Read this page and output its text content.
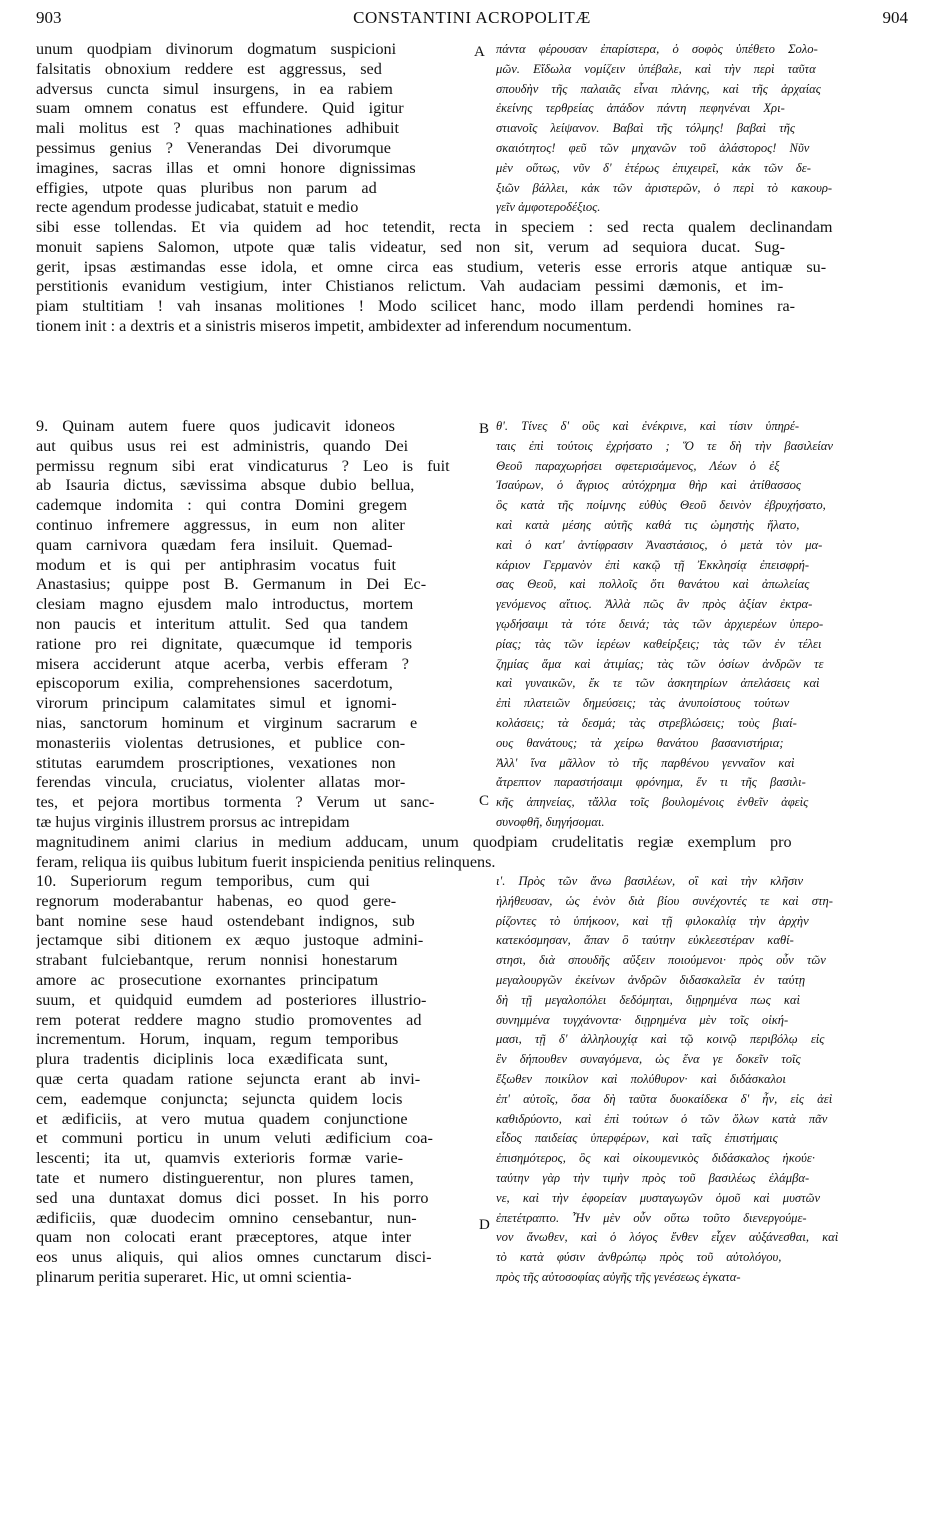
903	CONSTANTINI ACROPOLITÆ	904
A
B
C
D
unum quodpiam divinorum dogmatum suspicioni
falsitatis obnoxium reddere est aggressus, sed
adversus cuncta simul insurgens, in ea rabiem
suam omnem conatus est effundere. Quid igitur
mali molitus est ? quas machinationes adhibuit
pessimus genius ? Venerandas Dei divorumque
imagines, sacras illas et omni honore dignissimas
effigies, utpote quas pluribus non parum ad
recte agendum prodesse judicabat, statuit e medio
πάντα φέρουσαν ἐπαρίστερα, ὁ σοφὸς ὑπέθετο Σολο-
μῶν. Εἴδωλα νομίζειν ὑπέβαλε, καὶ τὴν περὶ ταῦτα
σπουδὴν τῆς παλαιᾶς εἶναι πλάνης, καὶ τῆς ἀρχαίας
ἐκείνης τερθρείας ἀπάδον πάντη πεφηνέναι Χρι-
στιανοῖς λείψανον. Βαβαὶ τῆς τόλμης! βαβαὶ τῆς
σκαιότητος! φεῦ τῶν μηχανῶν τοῦ ἀλάστορος! Νῦν
μὲν οὕτως, νῦν δ' ἑτέρως ἐπιχειρεῖ, κἀκ τῶν δε-
ξιῶν βάλλει, κἀκ τῶν ἀριστερῶν, ὁ περὶ τὸ κακουρ-
γεῖν ἀμφοτεροδέξιος.
sibi esse tollendas. Et via quidem ad hoc tetendit, recta in speciem : sed recta qualem declinandam
monuit sapiens Salomon, utpote quæ talis videatur, sed non sit, verum ad sequiora ducat. Sug-
gerit, ipsas æstimandas esse idola, et omne circa eas studium, veteris esse erroris atque antiquæ su-
perstitionis evanidum vestigium, inter Chistianos relictum. Vah audaciam pessimi dæmonis, et im-
piam stultitiam ! vah insanas molitiones ! Modo scilicet hanc, modo illam perdendi homines ra-
tionem init : a dextris et a sinistris miseros impetit, ambidexter ad inferendum nocumentum.
9. Quinam autem fuere quos judicavit idoneos
aut quibus usus rei est administris, quando Dei
permissu regnum sibi erat vindicaturus ? Leo is fuit
ab Isauria dictus, sævissima absque dubio bellua,
cademque indomita : qui contra Domini gregem
continuo infremere aggressus, in eum non aliter
quam carnivora quædam fera insiluit. Quemad-
modum et is qui per antiphrasim vocatus fuit
Anastasius; quippe post B. Germanum in Dei Ec-
clesiam magno ejusdem malo introductus, mortem
non paucis et interitum attulit. Sed qua tandem
ratione pro rei dignitate, quæcumque id temporis
misera acciderunt atque acerba, verbis efferam ?
episcoporum exilia, comprehensiones sacerdotum,
virorum principum calamitates simul et ignomi-
nias, sanctorum hominum et virginum sacrarum e
monasteriis violentas detrusiones, et publice con-
stitutas earumdem proscriptiones, vexationes non
ferendas vincula, cruciatus, violenter allatas mor-
tes, et pejora mortibus tormenta ? Verum ut sanc-
tæ hujus virginis illustrem prorsus ac intrepidam
θ'. Τίνες δ' οὓς καὶ ἐνέκρινε, καὶ τίσιν ὑπηρέ-
ταις ἐπὶ τούτοις ἐχρήσατο ; Ὅ τε δὴ τὴν βασιλείαν
Θεοῦ παραχωρήσει σφετερισάμενος, Λέων ὁ ἐξ
Ἰσαύρων, ὁ ἄγριος αὐτόχρημα θὴρ καὶ ἀτίθασσος
ὃς κατὰ τῆς ποίμνης εὐθὺς Θεοῦ δεινὸν ἐβρυχήσατο,
καὶ κατὰ μέσης αὐτῆς καθά τις ὠμηστὴς ἥλατο,
καὶ ὁ κατ' ἀντίφρασιν Ἀναστάσιος, ὁ μετὰ τὸν μα-
κάριον Γερμανὸν ἐπὶ κακῷ τῇ Ἐκκλησίᾳ ἐπεισφρή-
σας Θεοῦ, καὶ πολλοῖς ὅτι θανάτου καὶ ἀπωλείας
γενόμενος αἴτιος. Ἀλλὰ πῶς ἂν πρὸς ἀξίαν ἐκτρα-
γῳδήσαιμι τὰ τότε δεινά; τὰς τῶν ἀρχιερέων ὑπερο-
ρίας; τὰς τῶν ἱερέων καθείρξεις; τὰς τῶν ἐν τέλει
ζημίας ἅμα καὶ ἀτιμίας; τὰς τῶν ὁσίων ἀνδρῶν τε
καὶ γυναικῶν, ἔκ τε τῶν ἀσκητηρίων ἀπελάσεις καὶ
ἐπὶ πλατειῶν δημεύσεις; τὰς ἀνυποίστους τούτων
κολάσεις; τὰ δεσμά; τὰς στρεβλώσεις; τοὺς βιαί-
ους θανάτους; τὰ χείρω θανάτου βασανιστήρια;
Ἀλλ' ἵνα μᾶλλον τὸ τῆς παρθένου γενναῖον καὶ
ἄτρεπτον παραστήσαιμι φρόνημα, ἕν τι τῆς βασιλι-
κῆς ἀπηνείας, τἄλλα τοῖς βουλομένοις ἐνθεῖν ἀφεὶς
συνοφθῆ, διηγήσομαι.
magnitudinem animi clarius in medium adducam, unum quodpiam crudelitatis regiæ exemplum pro
feram, reliqua iis quibus lubitum fuerit inspicienda penitius relinquens.
10. Superiorum regum temporibus, cum qui
regnorum moderabantur habenas, eo quod gere-
bant nomine sese haud ostendebant indignos, sub
jectamque sibi ditionem ex æquo justoque admini-
strabant fulciebantque, rerum nonnisi honestarum
amore ac prosecutione exornantes principatum
suum, et quidquid eumdem ad posteriores illustrio-
rem poterat reddere magno studio promoventes ad
incrementum. Horum, inquam, regum temporibus
plura tradentis diciplinis loca exædificata sunt,
quæ certa quadam ratione sejuncta erant ab invi-
cem, eademque conjuncta; sejuncta quidem locis
et ædificiis, at vero mutua quadem conjunctione
et communi porticu in unum veluti ædificium coa-
lescenti; ita ut, quamvis exterioris formæ varie-
tate et numero distinguerentur, non plures tamen,
sed una duntaxat domus dici posset. In his porro
ædificiis, quæ duodecim omnino censebantur, nun-
quam non colocati erant præceptores, atque inter
eos unus aliquis, qui alios omnes cunctarum disci-
plinarum peritia superaret. Hic, ut omni scientia-
ι'. Πρὸς τῶν ἄνω βασιλέων, οἳ καὶ τὴν κλῆσιν
ἠλήθευσαν, ὡς ἐνὸν διὰ βίου συνέχοντές τε καὶ στη-
ρίζοντες τὸ ὑπήκοον, καὶ τῇ φιλοκαλίᾳ τὴν ἀρχὴν
κατεκόσμησαν, ἅπαν ὃ ταύτην εὐκλεεστέραν καθί-
στησι, διὰ σπουδῆς αὔξειν ποιούμενοι· πρὸς οὖν τῶν
μεγαλουργῶν ἐκείνων ἀνδρῶν διδασκαλεῖα ἐν ταύτῃ
δὴ τῇ μεγαλοπόλει δεδόμηται, διῃρημένα πως καὶ
συνημμένα τυγχάνοντα· διῃρημένα μὲν τοῖς οἰκή-
μασι, τῇ δ' ἀλληλουχίᾳ καὶ τῷ κοινῷ περιβόλῳ εἰς
ἓν δήπουθεν συναγόμενα, ὡς ἕνα γε δοκεῖν τοῖς
ἔξωθεν ποικίλον καὶ πολύθυρον· καὶ διδάσκαλοι
ἐπ' αὐτοῖς, ὅσα δὴ ταῦτα δυοκαίδεκα δ' ἦν, εἰς ἀεὶ
καθιδρύοντο, καὶ ἐπὶ τούτων ὁ τῶν ὅλων κατὰ πᾶν
εἶδος παιδείας ὑπερφέρων, καὶ ταῖς ἐπιστήμαις
ἐπισημότερος, ὃς καὶ οἰκουμενικὸς διδάσκαλος ἠκούε·
ταύτην γὰρ τὴν τιμὴν πρὸς τοῦ βασιλέως ἐλάμβα-
νε, καὶ τὴν ἐφορείαν μυσταγωγῶν ὁμοῦ καὶ μυστῶν
ἐπετέτραπτο. Ἦν μὲν οὖν οὕτω τοῦτο διενεργούμε-
νον ἄνωθεν, καὶ ὁ λόγος ἔνθεν εἶχεν αὐξάνεσθαι, καὶ
τὸ κατὰ φύσιν ἀνθρώπῳ πρὸς τοῦ αὐτολόγου,
πρὸς τῆς αὐτοσοφίας αὐγῆς τῆς γενέσεως ἐγκατα-
